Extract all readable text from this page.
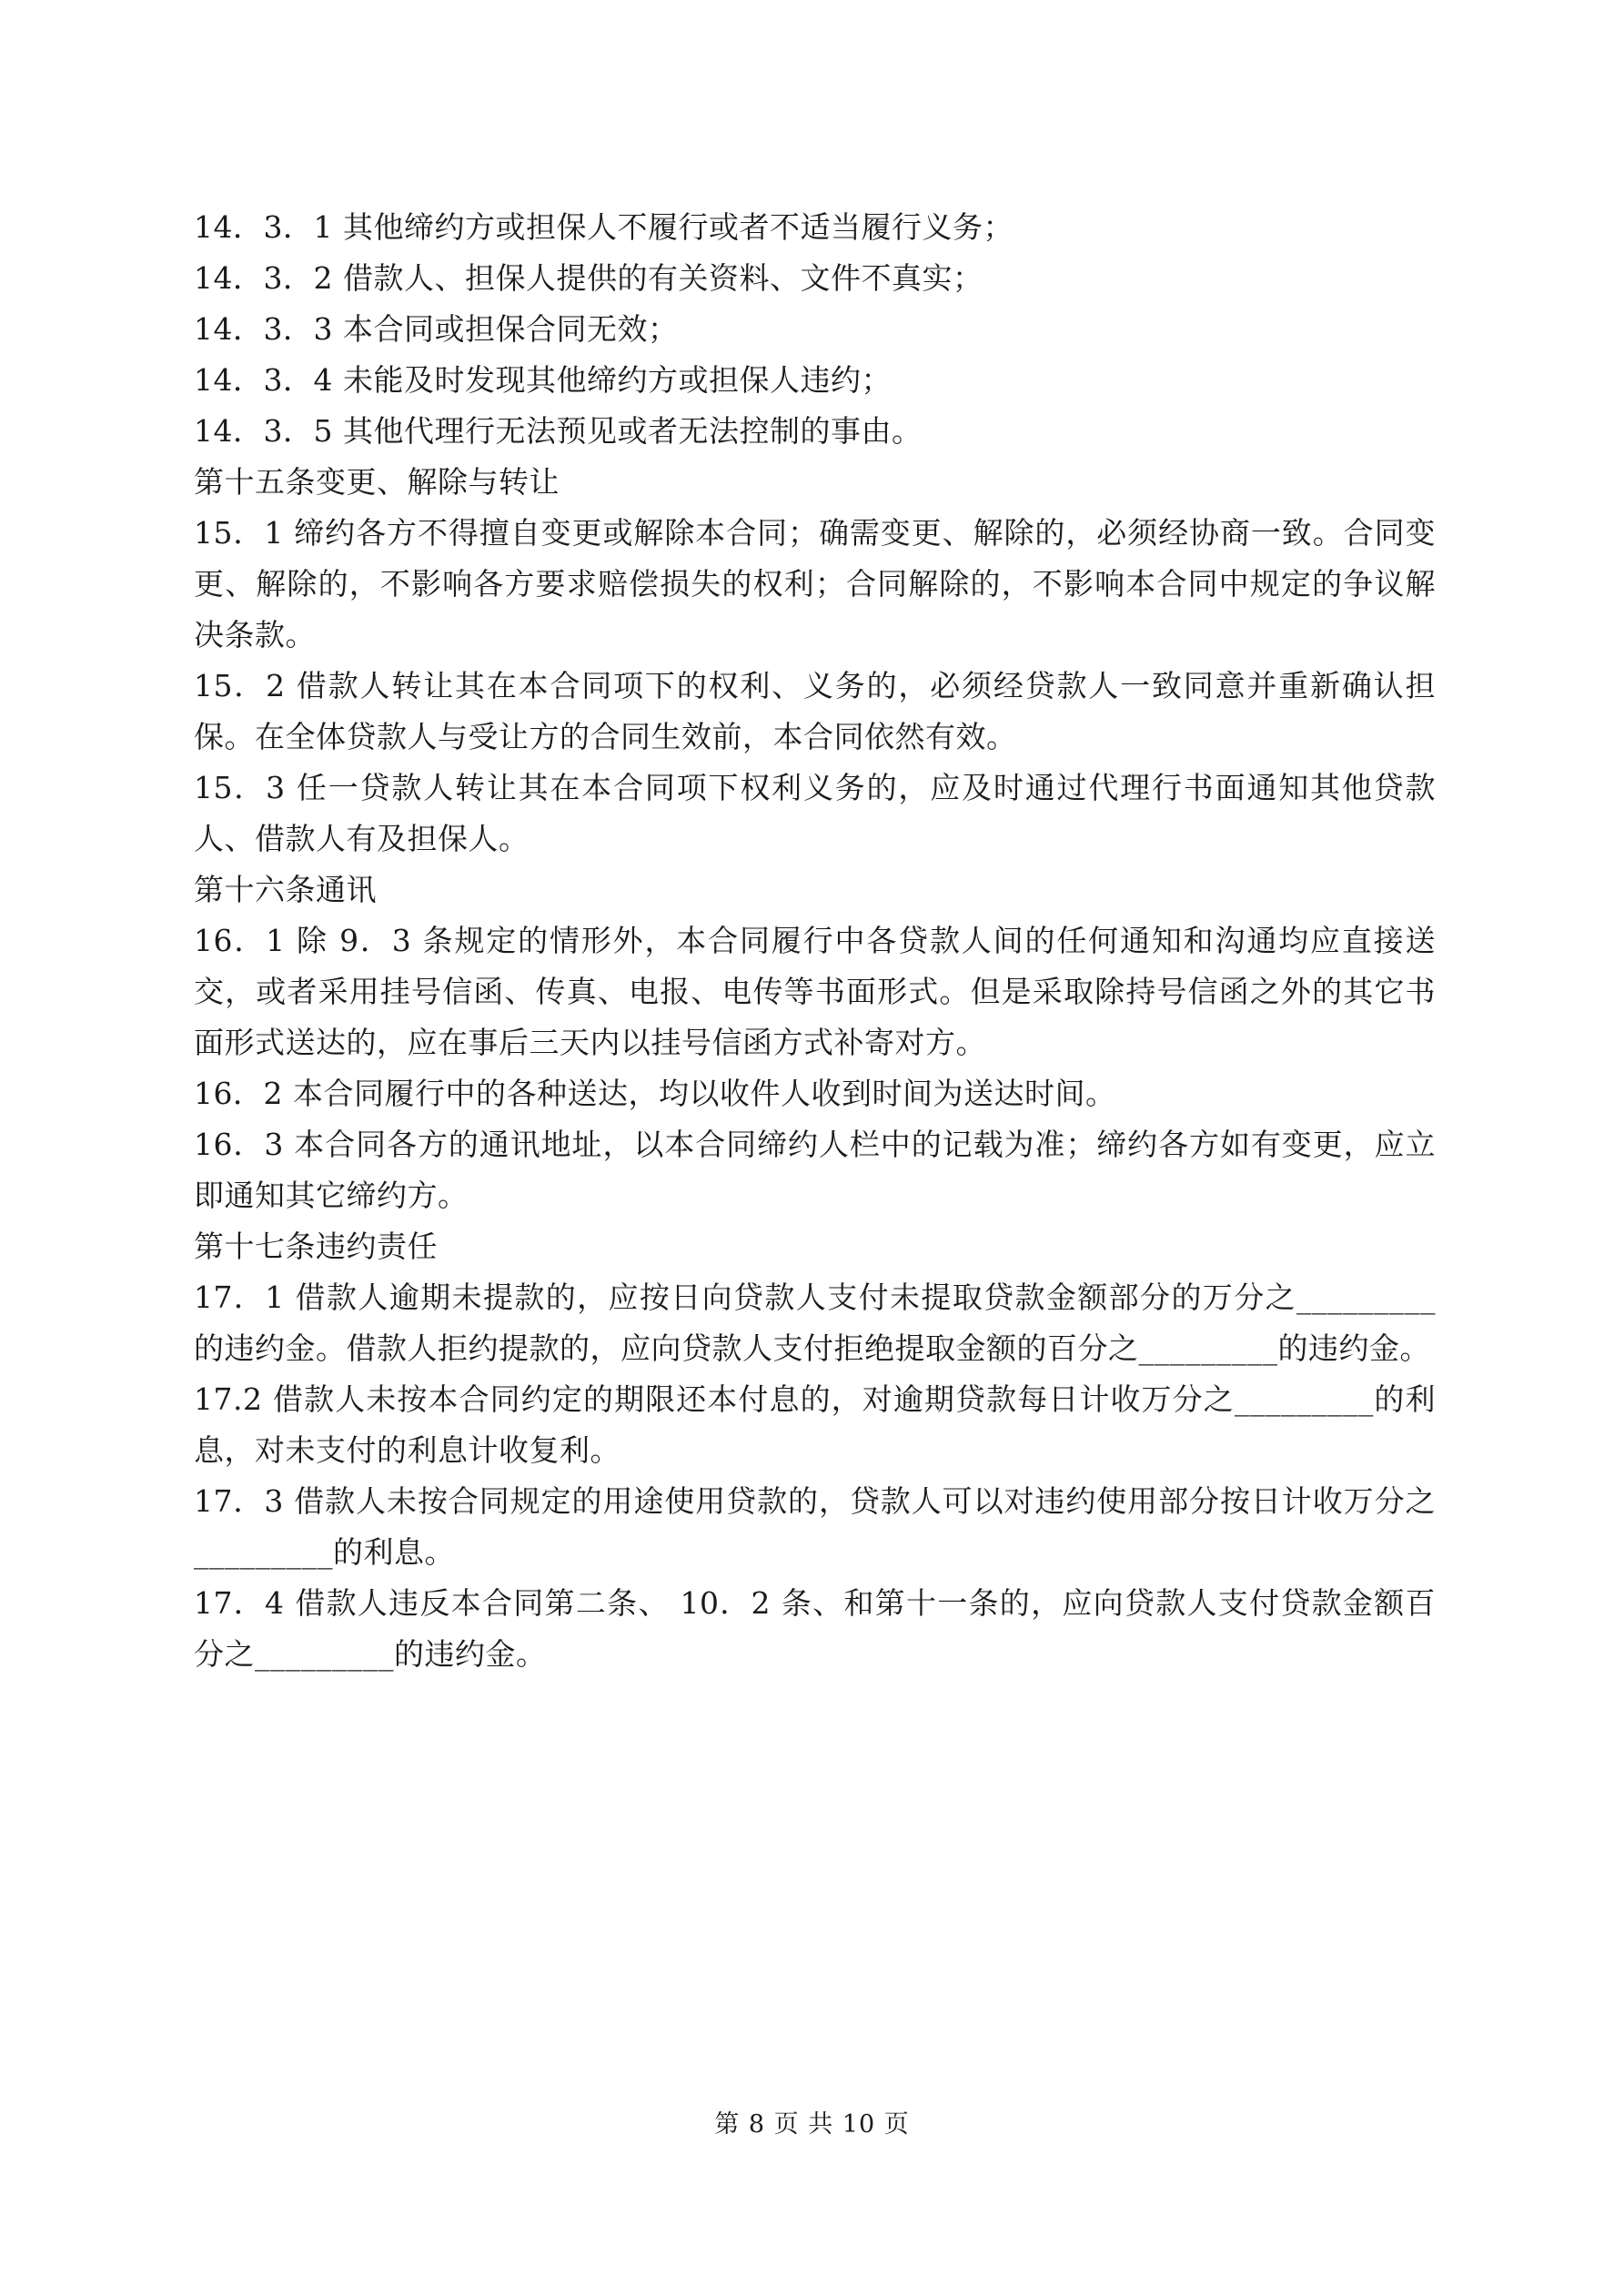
14．3．1 其他缔约方或担保人不履行或者不适当履行义务；

14．3．2 借款人、担保人提供的有关资料、文件不真实；

14．3．3 本合同或担保合同无效；

14．3．4 未能及时发现其他缔约方或担保人违约；

14．3．5 其他代理行无法预见或者无法控制的事由。

第十五条变更、解除与转让

15．1 缔约各方不得擅自变更或解除本合同；确需变更、解除的，必须经协商一致。合同变更、解除的，不影响各方要求赔偿损失的权利；合同解除的，不影响本合同中规定的争议解决条款。

15．2 借款人转让其在本合同项下的权利、义务的，必须经贷款人一致同意并重新确认担保。在全体贷款人与受让方的合同生效前，本合同依然有效。

15．3 任一贷款人转让其在本合同项下权利义务的，应及时通过代理行书面通知其他贷款人、借款人有及担保人。

第十六条通讯

16．1 除 9．3 条规定的情形外，本合同履行中各贷款人间的任何通知和沟通均应直接送交，或者采用挂号信函、传真、电报、电传等书面形式。但是采取除持号信函之外的其它书面形式送达的，应在事后三天内以挂号信函方式补寄对方。

16．2 本合同履行中的各种送达，均以收件人收到时间为送达时间。

16．3 本合同各方的通讯地址，以本合同缔约人栏中的记载为准；缔约各方如有变更，应立即通知其它缔约方。

第十七条违约责任

17．1 借款人逾期未提款的，应按日向贷款人支付未提取贷款金额部分的万分之_________的违约金。借款人拒约提款的，应向贷款人支付拒绝提取金额的百分之_________的违约金。

17.2 借款人未按本合同约定的期限还本付息的，对逾期贷款每日计收万分之_________的利息，对未支付的利息计收复利。

17．3 借款人未按合同规定的用途使用贷款的，贷款人可以对违约使用部分按日计收万分之_________的利息。

17．4 借款人违反本合同第二条、 10．2 条、和第十一条的，应向贷款人支付贷款金额百分之_________的违约金。

第 8 页 共 10 页
